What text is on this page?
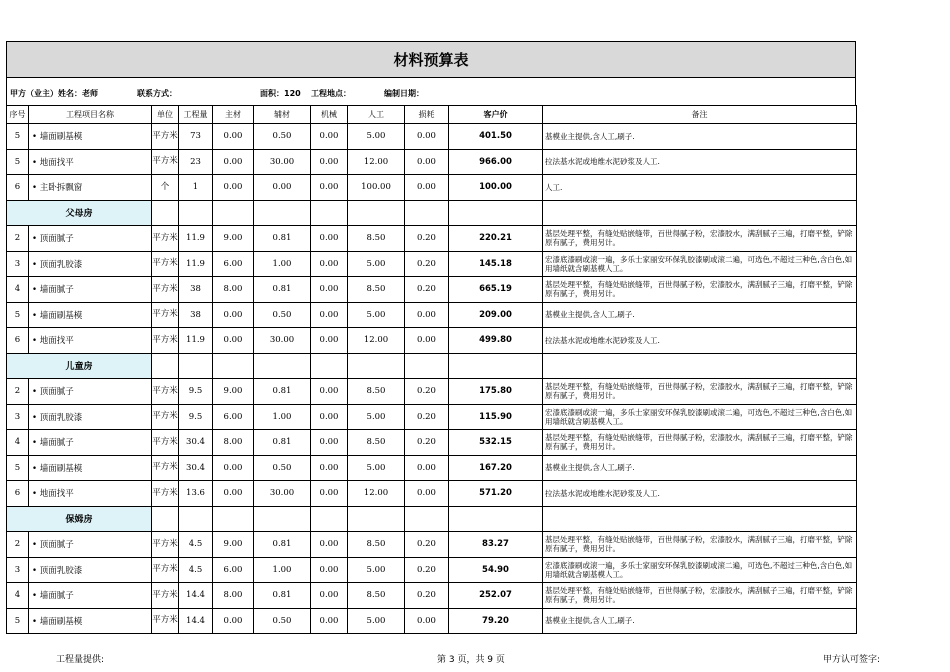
材料预算表
甲方（业主）姓名：老师	联系方式：	面积：120 工程地点：	编制日期：
序号	工程项目名称	单位	工程量	主材	辅材	机械	人工	损耗	客户价	备注
5	• 墙面刷基模	平方米	73	0.00	0.50	0.00	5.00	0.00	401.50	基模业主提供,含人工,刷子.
5	• 地面找平	平方米	23	0.00	30.00	0.00	12.00	0.00	966.00	拉法基水泥或地维水泥砂浆及人工.
6	• 主卧拆飘窗	个	1	0.00	0.00	0.00	100.00	0.00	100.00	人工.
父母房										
2	• 顶面腻子	平方米	11.9	9.00	0.81	0.00	8.50	0.20	220.21	基层处理平整，有缝处贴嵌缝带，百世得腻子粉，宏漆胶水，满刮腻子三遍，打磨平整，铲除原有腻子，费用另计。
3	• 顶面乳胶漆	平方米	11.9	6.00	1.00	0.00	5.00	0.20	145.18	宏漆底漆刷或滚一遍，多乐士家丽安环保乳胶漆刷或滚二遍，可选色,不超过三种色,含白色,如用墙纸就含刷基模人工。
4	• 墙面腻子	平方米	38	8.00	0.81	0.00	8.50	0.20	665.19	基层处理平整，有缝处贴嵌缝带，百世得腻子粉，宏漆胶水，满刮腻子三遍，打磨平整，铲除原有腻子，费用另计。
5	• 墙面刷基模	平方米	38	0.00	0.50	0.00	5.00	0.00	209.00	基模业主提供,含人工,刷子.
6	• 地面找平	平方米	11.9	0.00	30.00	0.00	12.00	0.00	499.80	拉法基水泥或地维水泥砂浆及人工.
儿童房										
2	• 顶面腻子	平方米	9.5	9.00	0.81	0.00	8.50	0.20	175.80	基层处理平整，有缝处贴嵌缝带，百世得腻子粉，宏漆胶水，满刮腻子三遍，打磨平整，铲除原有腻子，费用另计。
3	• 顶面乳胶漆	平方米	9.5	6.00	1.00	0.00	5.00	0.20	115.90	宏漆底漆刷或滚一遍，多乐士家丽安环保乳胶漆刷或滚二遍，可选色,不超过三种色,含白色,如用墙纸就含刷基模人工。
4	• 墙面腻子	平方米	30.4	8.00	0.81	0.00	8.50	0.20	532.15	基层处理平整，有缝处贴嵌缝带，百世得腻子粉，宏漆胶水，满刮腻子三遍，打磨平整，铲除原有腻子，费用另计。
5	• 墙面刷基模	平方米	30.4	0.00	0.50	0.00	5.00	0.00	167.20	基模业主提供,含人工,刷子.
6	• 地面找平	平方米	13.6	0.00	30.00	0.00	12.00	0.00	571.20	拉法基水泥或地维水泥砂浆及人工.
保姆房										
2	• 顶面腻子	平方米	4.5	9.00	0.81	0.00	8.50	0.20	83.27	基层处理平整，有缝处贴嵌缝带，百世得腻子粉，宏漆胶水，满刮腻子三遍，打磨平整，铲除原有腻子，费用另计。
3	• 顶面乳胶漆	平方米	4.5	6.00	1.00	0.00	5.00	0.20	54.90	宏漆底漆刷或滚一遍，多乐士家丽安环保乳胶漆刷或滚二遍，可选色,不超过三种色,含白色,如用墙纸就含刷基模人工。
4	• 墙面腻子	平方米	14.4	8.00	0.81	0.00	8.50	0.20	252.07	基层处理平整，有缝处贴嵌缝带，百世得腻子粉，宏漆胶水，满刮腻子三遍，打磨平整，铲除原有腻子，费用另计。
5	• 墙面刷基模	平方米	14.4	0.00	0.50	0.00	5.00	0.00	79.20	基模业主提供,含人工,刷子.
工程量提供:	第 3 页，共 9 页	甲方认可签字:
